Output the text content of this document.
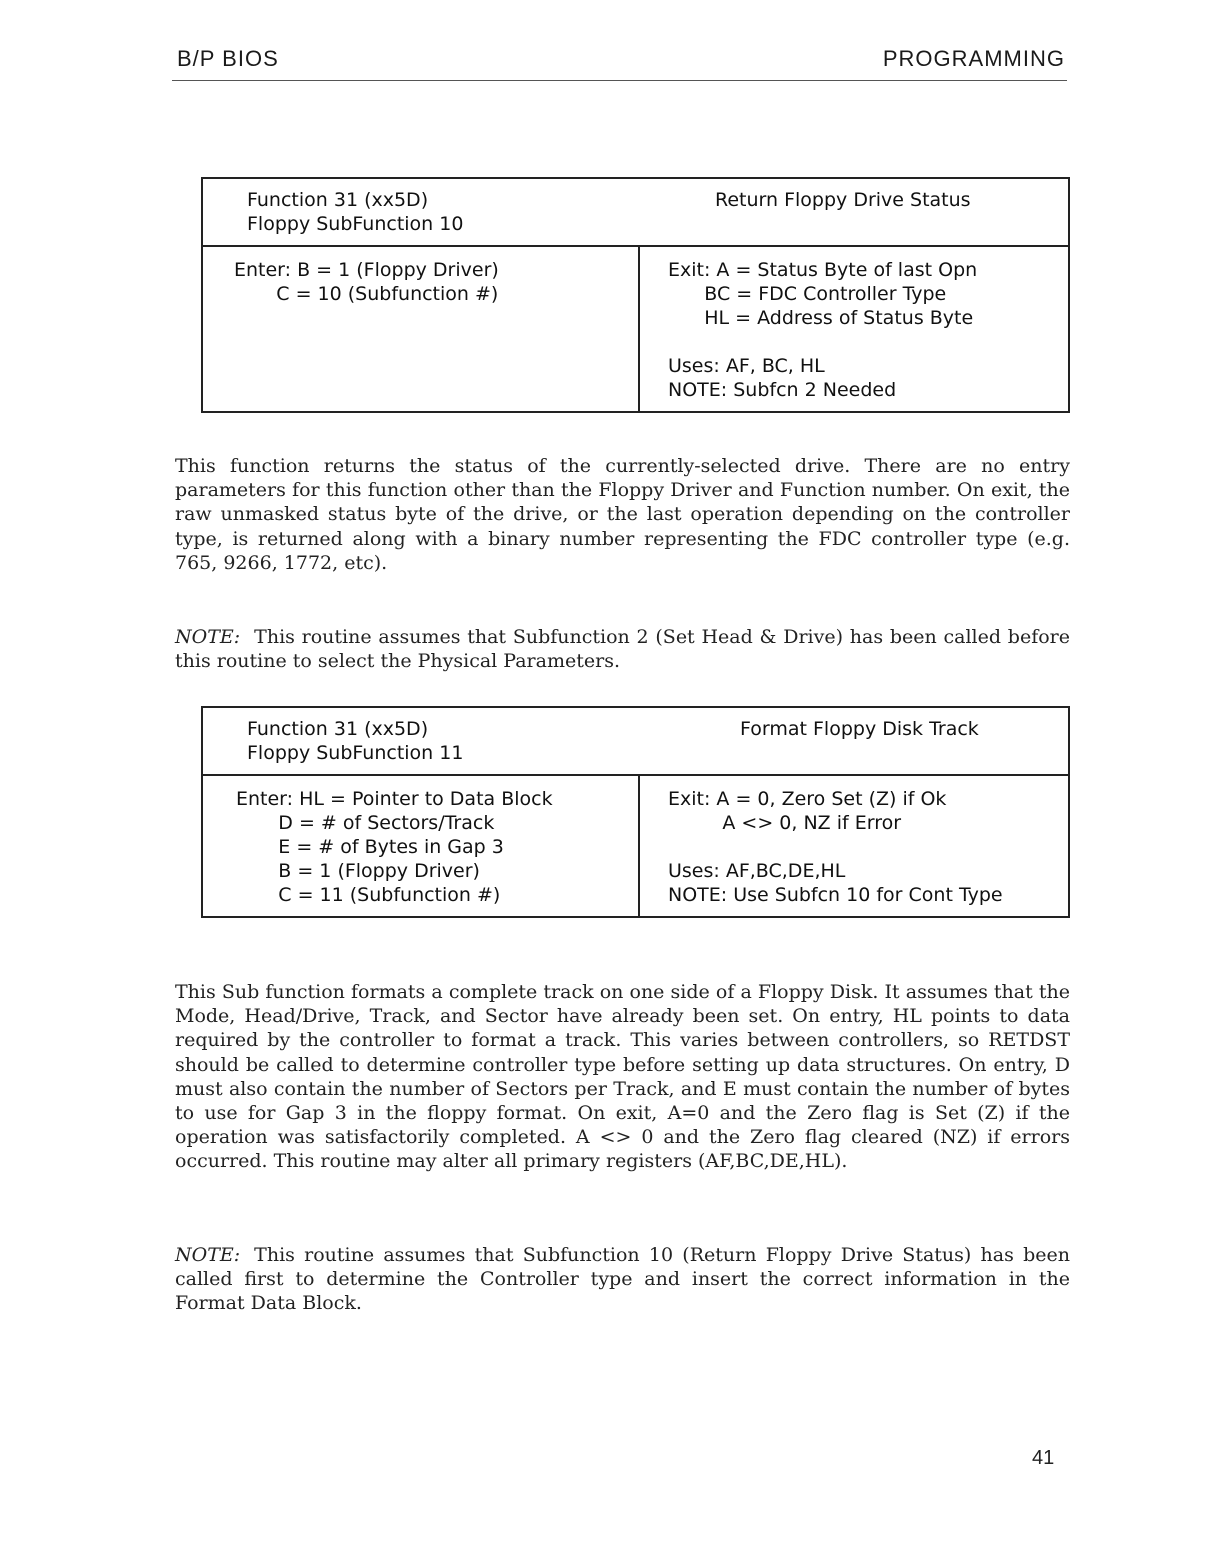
B/P BIOS	PROGRAMMING
Function 31 (xx5D)
Floppy SubFunction 10
Return Floppy Drive Status
Enter: B = 1 (Floppy Driver)
C = 10 (Subfunction #)
Exit: A = Status Byte of last Opn
BC = FDC Controller Type
HL = Address of Status Byte
Uses: AF, BC, HL
NOTE: Subfcn 2 Needed

This function returns the status of the currently-selected drive. There are no entry parameters for this function other than the Floppy Driver and Function number. On exit, the raw unmasked status byte of the drive, or the last operation depending on the controller type, is returned along with a binary number representing the FDC controller type (e.g. 765, 9266, 1772, etc).

NOTE: This routine assumes that Subfunction 2 (Set Head & Drive) has been called before this routine to select the Physical Parameters.

Function 31 (xx5D)
Floppy SubFunction 11
Format Floppy Disk Track
Enter: HL = Pointer to Data Block
D = # of Sectors/Track
E = # of Bytes in Gap 3
B = 1 (Floppy Driver)
C = 11 (Subfunction #)
Exit: A = 0, Zero Set (Z) if Ok
A <> 0, NZ if Error
Uses: AF,BC,DE,HL
NOTE: Use Subfcn 10 for Cont Type

This Sub function formats a complete track on one side of a Floppy Disk. It assumes that the Mode, Head/Drive, Track, and Sector have already been set. On entry, HL points to data required by the controller to format a track. This varies between controllers, so RETDST should be called to determine controller type before setting up data structures. On entry, D must also contain the number of Sectors per Track, and E must contain the number of bytes to use for Gap 3 in the floppy format. On exit, A=0 and the Zero flag is Set (Z) if the operation was satisfactorily completed. A <> 0 and the Zero flag cleared (NZ) if errors occurred. This routine may alter all primary registers (AF,BC,DE,HL).

NOTE: This routine assumes that Subfunction 10 (Return Floppy Drive Status) has been called first to determine the Controller type and insert the correct information in the Format Data Block.

41
